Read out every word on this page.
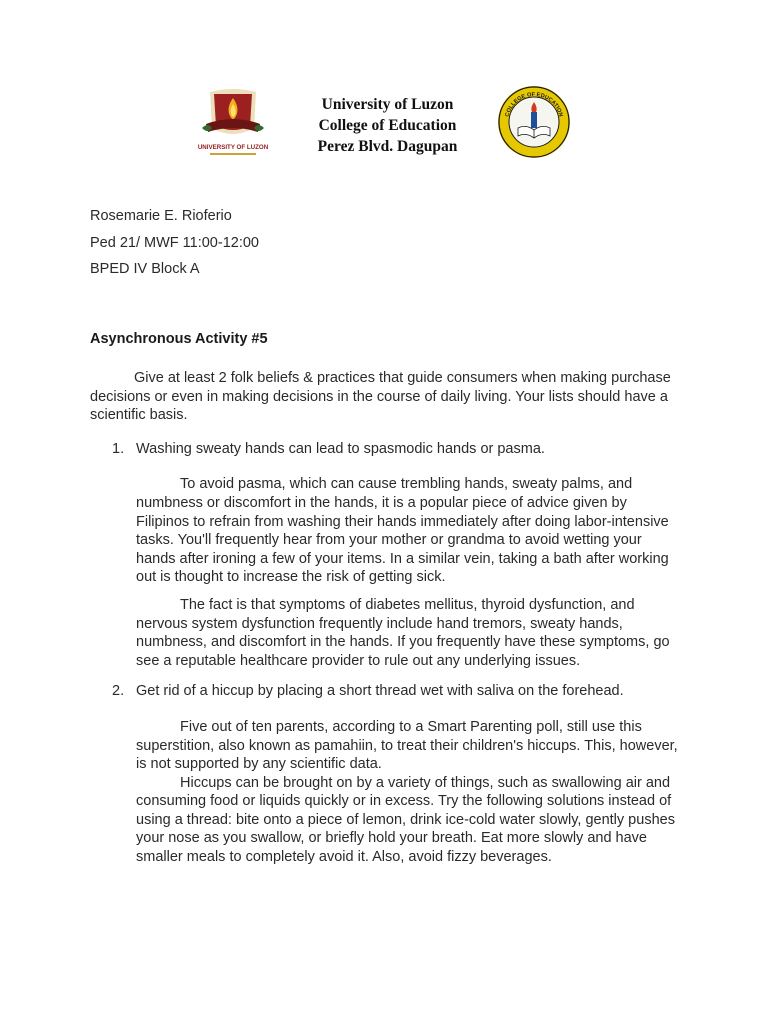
UNIVERSITY OF LUZON
University of Luzon
College of Education
Perez Blvd. Dagupan
COLLEGE OF EDUCATION
Rosemarie E. Rioferio
Ped 21/ MWF 11:00-12:00
BPED IV Block A
Asynchronous Activity #5

Give at least 2 folk beliefs & practices that guide consumers when making purchase decisions or even in making decisions in the course of daily living. Your lists should have a scientific basis.

1. Washing sweaty hands can lead to spasmodic hands or pasma.

To avoid pasma, which can cause trembling hands, sweaty palms, and numbness or discomfort in the hands, it is a popular piece of advice given by Filipinos to refrain from washing their hands immediately after doing labor-intensive tasks. You'll frequently hear from your mother or grandma to avoid wetting your hands after ironing a few of your items. In a similar vein, taking a bath after working out is thought to increase the risk of getting sick.

The fact is that symptoms of diabetes mellitus, thyroid dysfunction, and nervous system dysfunction frequently include hand tremors, sweaty hands, numbness, and discomfort in the hands. If you frequently have these symptoms, go see a reputable healthcare provider to rule out any underlying issues.

2. Get rid of a hiccup by placing a short thread wet with saliva on the forehead.

Five out of ten parents, according to a Smart Parenting poll, still use this superstition, also known as pamahiin, to treat their children's hiccups. This, however, is not supported by any scientific data.

Hiccups can be brought on by a variety of things, such as swallowing air and consuming food or liquids quickly or in excess. Try the following solutions instead of using a thread: bite onto a piece of lemon, drink ice-cold water slowly, gently pushes your nose as you swallow, or briefly hold your breath. Eat more slowly and have smaller meals to completely avoid it. Also, avoid fizzy beverages.
